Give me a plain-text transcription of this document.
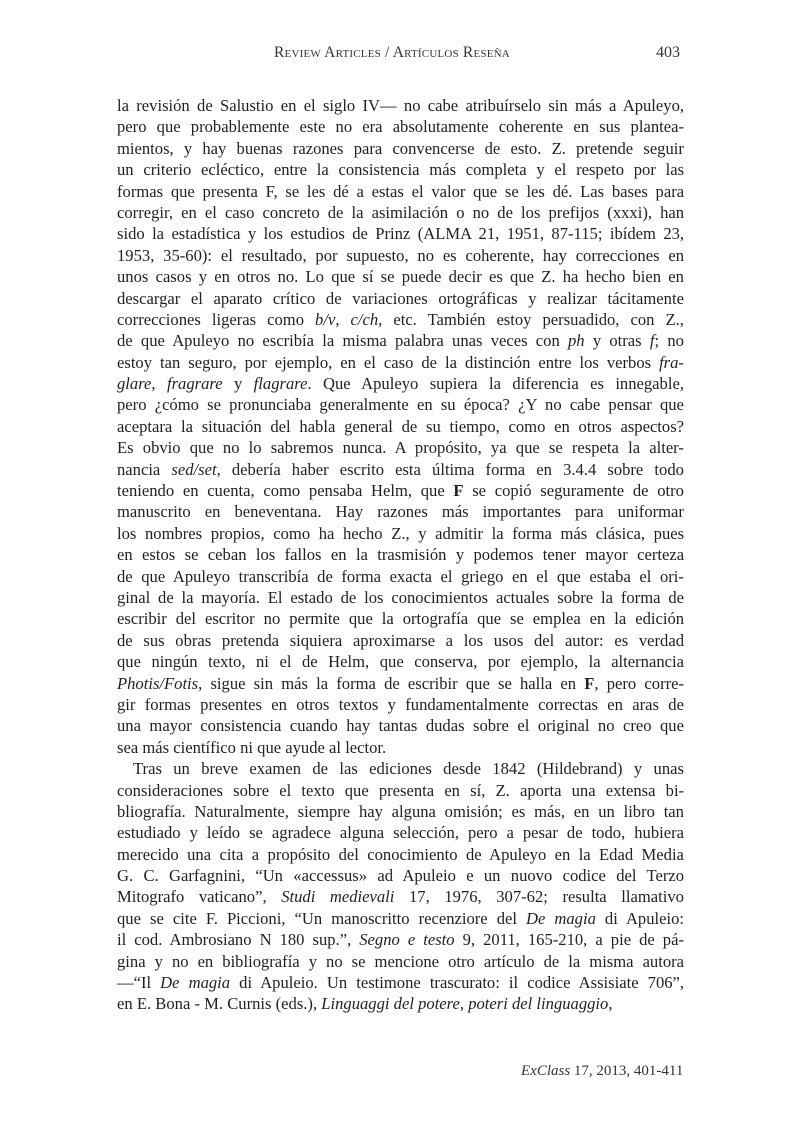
Review Articles / Artículos Reseña	403
la revisión de Salustio en el siglo IV— no cabe atribuírselo sin más a Apuleyo,
pero que probablemente este no era absolutamente coherente en sus plantea-
mientos, y hay buenas razones para convencerse de esto. Z. pretende seguir
un criterio ecléctico, entre la consistencia más completa y el respeto por las
formas que presenta F, se les dé a estas el valor que se les dé. Las bases para
corregir, en el caso concreto de la asimilación o no de los prefijos (xxxi), han
sido la estadística y los estudios de Prinz (ALMA 21, 1951, 87-115; ibídem 23,
1953, 35-60): el resultado, por supuesto, no es coherente, hay correcciones en
unos casos y en otros no. Lo que sí se puede decir es que Z. ha hecho bien en
descargar el aparato crítico de variaciones ortográficas y realizar tácitamente
correcciones ligeras como b/v, c/ch, etc. También estoy persuadido, con Z.,
de que Apuleyo no escribía la misma palabra unas veces con ph y otras f; no
estoy tan seguro, por ejemplo, en el caso de la distinción entre los verbos fra-
glare, fragrare y flagrare. Que Apuleyo supiera la diferencia es innegable,
pero ¿cómo se pronunciaba generalmente en su época? ¿Y no cabe pensar que
aceptara la situación del habla general de su tiempo, como en otros aspectos?
Es obvio que no lo sabremos nunca. A propósito, ya que se respeta la alter-
nancia sed/set, debería haber escrito esta última forma en 3.4.4 sobre todo
teniendo en cuenta, como pensaba Helm, que F se copió seguramente de otro
manuscrito en beneventana. Hay razones más importantes para uniformar
los nombres propios, como ha hecho Z., y admitir la forma más clásica, pues
en estos se ceban los fallos en la trasmisión y podemos tener mayor certeza
de que Apuleyo transcribía de forma exacta el griego en el que estaba el ori-
ginal de la mayoría. El estado de los conocimientos actuales sobre la forma de
escribir del escritor no permite que la ortografía que se emplea en la edición
de sus obras pretenda siquiera aproximarse a los usos del autor: es verdad
que ningún texto, ni el de Helm, que conserva, por ejemplo, la alternancia
Photis/Fotis, sigue sin más la forma de escribir que se halla en F, pero corre-
gir formas presentes en otros textos y fundamentalmente correctas en aras de
una mayor consistencia cuando hay tantas dudas sobre el original no creo que
sea más científico ni que ayude al lector.
Tras un breve examen de las ediciones desde 1842 (Hildebrand) y unas
consideraciones sobre el texto que presenta en sí, Z. aporta una extensa bi-
bliografía. Naturalmente, siempre hay alguna omisión; es más, en un libro tan
estudiado y leído se agradece alguna selección, pero a pesar de todo, hubiera
merecido una cita a propósito del conocimiento de Apuleyo en la Edad Media
G. C. Garfagnini, “Un «accessus» ad Apuleio e un nuovo codice del Terzo
Mitografo vaticano”, Studi medievali 17, 1976, 307-62; resulta llamativo
que se cite F. Piccioni, “Un manoscritto recenziore del De magia di Apuleio:
il cod. Ambrosiano N 180 sup.”, Segno e testo 9, 2011, 165-210, a pie de pá-
gina y no en bibliografía y no se mencione otro artículo de la misma autora
—“Il De magia di Apuleio. Un testimone trascurato: il codice Assisiate 706”,
en E. Bona - M. Curnis (eds.), Linguaggi del potere, poteri del linguaggio,
ExClass 17, 2013, 401-411
